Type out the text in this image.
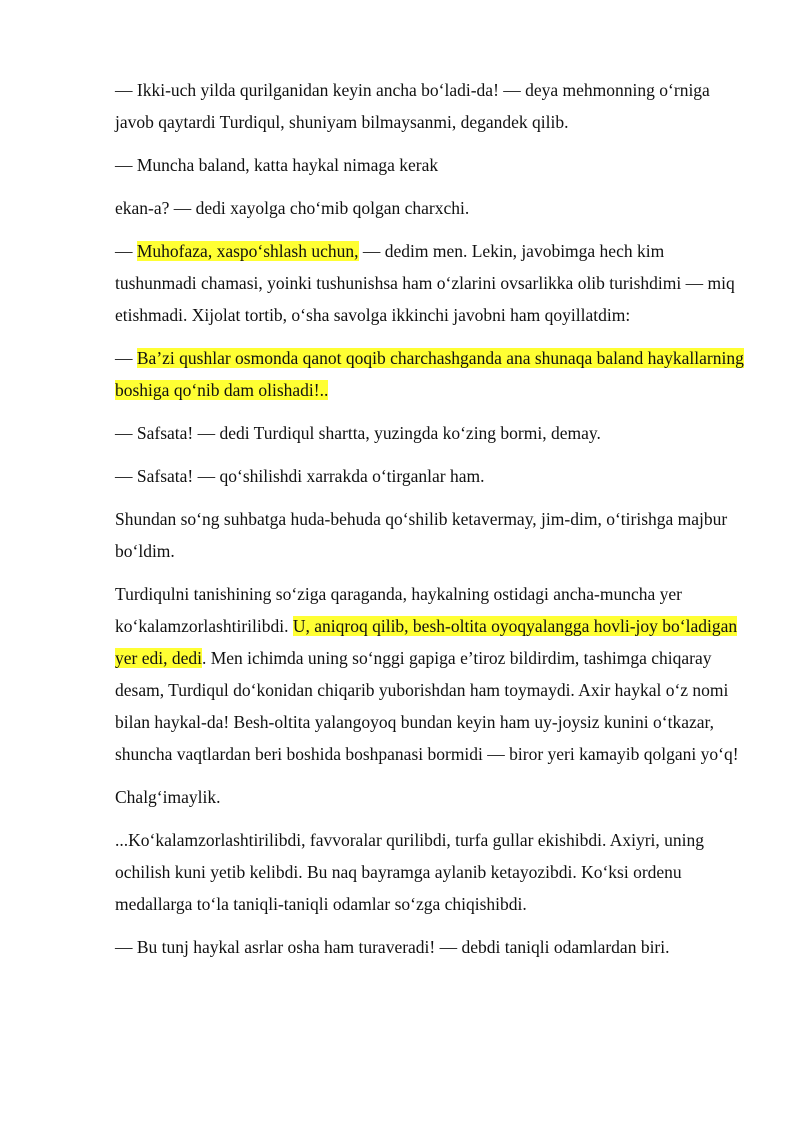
— Ikki-uch yilda qurilganidan keyin ancha bo‘ladi-da! — deya mehmonning o‘rniga javob qaytardi Turdiqul, shuniyam bilmaysanmi, degandek qilib.

— Muncha baland, katta haykal nimaga kerak

ekan-a? — dedi xayolga cho‘mib qolgan charxchi.

— Muhofaza, xaspo‘shlash uchun, — dedim men. Lekin, javobimga hech kim tushunmadi chamasi, yoinki tushunishsa ham o‘zlarini ovsarlikka olib turishdimi — miq etishmadi. Xijolat tortib, o‘sha savolga ikkinchi javobni ham qoyillatdim:

— Ba’zi qushlar osmonda qanot qoqib charchashganda ana shunaqa baland haykallarning boshiga qo‘nib dam olishadi!..

— Safsata! — dedi Turdiqul shartta, yuzingda ko‘zing bormi, demay.

— Safsata! — qo‘shilishdi xarrakda o‘tirganlar ham.

Shundan so‘ng suhbatga huda-behuda qo‘shilib ketavermay, jim-dim, o‘tirishga majbur bo‘ldim.

Turdiqulni tanishining so‘ziga qaraganda, haykalning ostidagi ancha-muncha yer ko‘kalamzorlashtirilibdi. U, aniqroq qilib, besh-oltita oyoqyalangga hovli-joy bo‘ladigan yer edi, dedi. Men ichimda uning so‘nggi gapiga e’tiroz bildirdim, tashimga chiqaray desam, Turdiqul do‘konidan chiqarib yuborishdan ham toymaydi. Axir haykal o‘z nomi bilan haykal-da! Besh-oltita yalangoyoq bundan keyin ham uy-joysiz kunini o‘tkazar, shuncha vaqtlardan beri boshida boshpanasi bormidi — biror yeri kamayib qolgani yo‘q!

Chalg‘imaylik.

...Ko‘kalamzorlashtirilibdi, favvoralar qurilibdi, turfa gullar ekishibdi. Axiyri, uning ochilish kuni yetib kelibdi. Bu naq bayramga aylanib ketayozibdi. Ko‘ksi ordenu medallarga to‘la taniqli-taniqli odamlar so‘zga chiqishibdi.

— Bu tunj haykal asrlar osha ham turaveradi! — debdi taniqli odamlardan biri.
